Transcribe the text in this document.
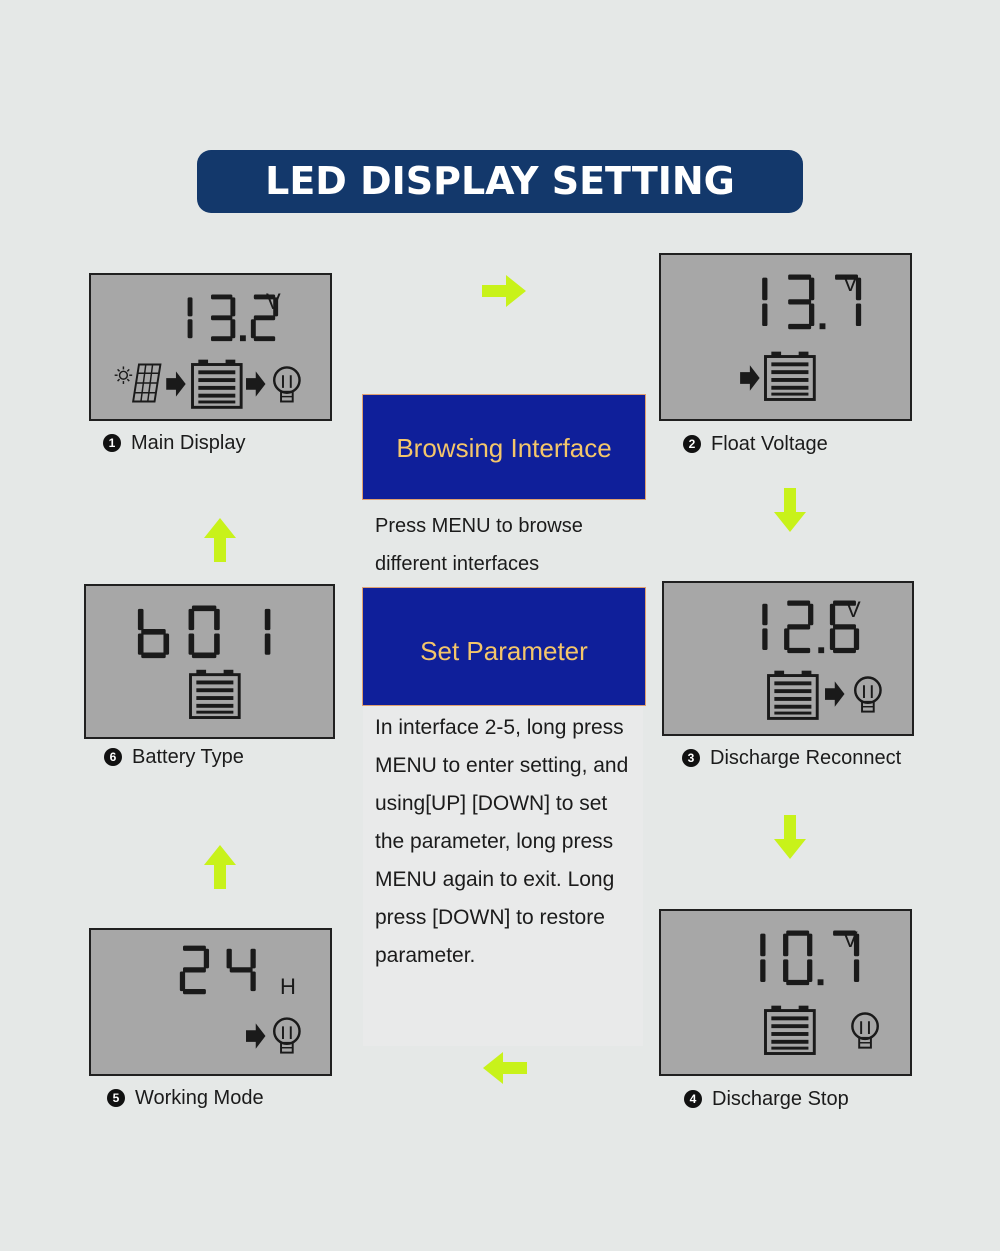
LED DISPLAY SETTING
V
1 Main Display
V
2 Float Voltage
V
3 Discharge Reconnect
V
4 Discharge Stop
H
5 Working Mode
6 Battery Type
Browsing Interface
Press MENU to browse
different interfaces
Set Parameter
In interface 2-5, long press
MENU to enter setting, and
using[UP] [DOWN] to set
the parameter, long press
MENU again to exit. Long
press [DOWN] to restore
parameter.
